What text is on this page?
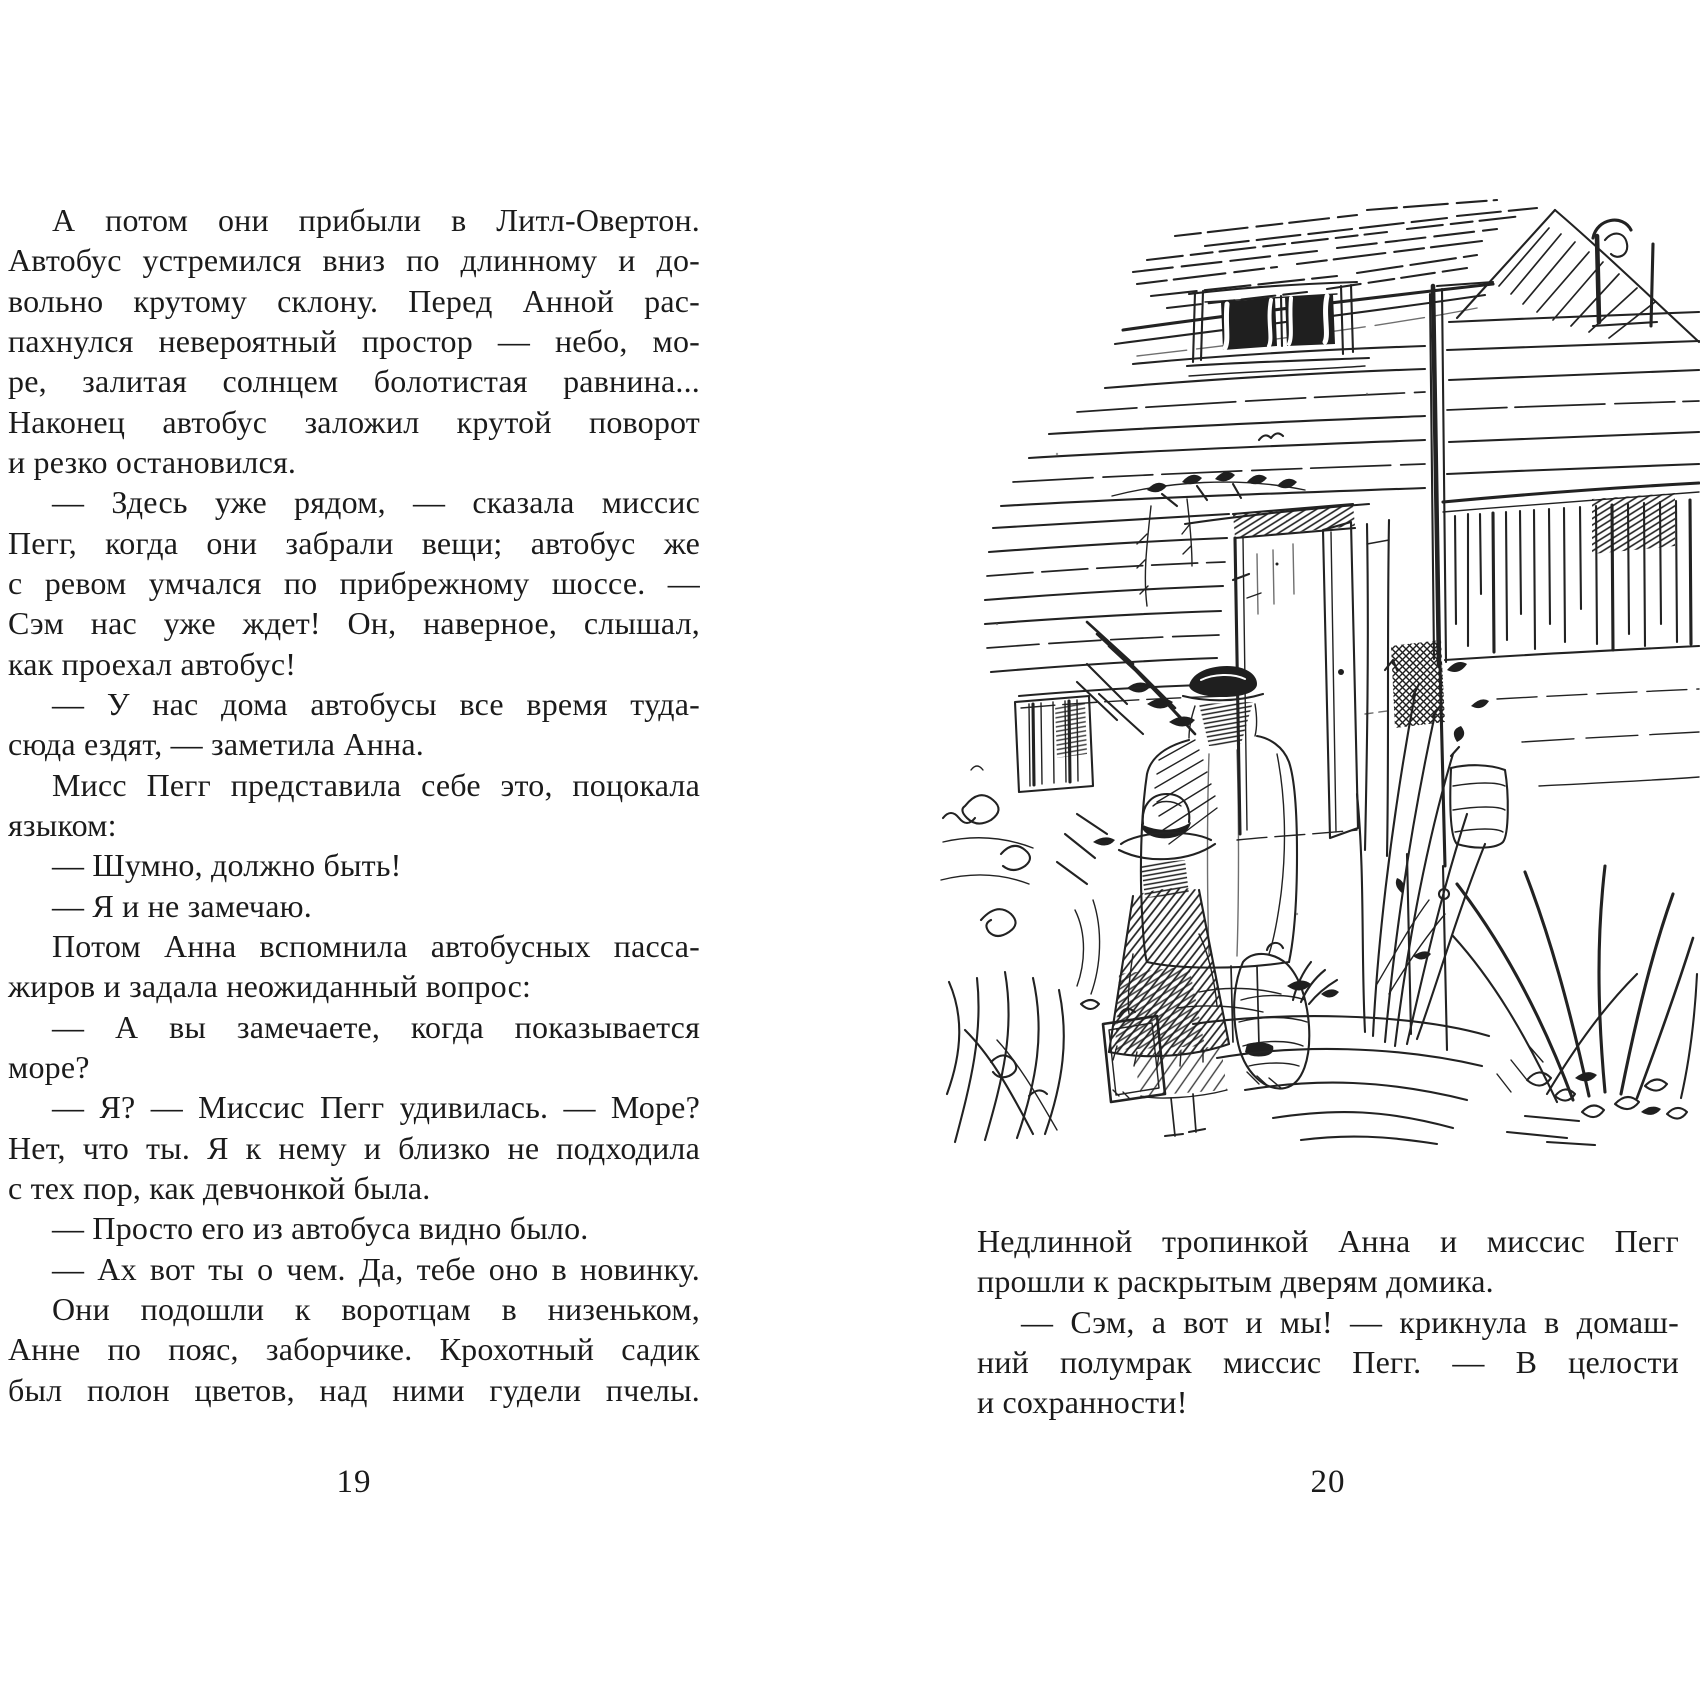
А потом они прибыли в Литл-Овертон.
Автобус устремился вниз по длинному и до-
вольно крутому склону. Перед Анной рас-
пахнулся невероятный простор — небо, мо-
ре, залитая солнцем болотистая равнина...
Наконец автобус заложил крутой поворот
и резко остановился.
— Здесь уже рядом, — сказала миссис
Пегг, когда они забрали вещи; автобус же
с ревом умчался по прибрежному шоссе. —
Сэм нас уже ждет! Он, наверное, слышал,
как проехал автобус!
— У нас дома автобусы все время туда-
сюда ездят, — заметила Анна.
Мисс Пегг представила себе это, поцокала
языком:
— Шумно, должно быть!
— Я и не замечаю.
Потом Анна вспомнила автобусных пасса-
жиров и задала неожиданный вопрос:
— А вы замечаете, когда показывается
море?
— Я? — Миссис Пегг удивилась. — Море?
Нет, что ты. Я к нему и близко не подходила
с тех пор, как девчонкой была.
— Просто его из автобуса видно было.
— Ах вот ты о чем. Да, тебе оно в новинку.
Они подошли к воротцам в низеньком,
Анне по пояс, заборчике. Крохотный садик
был полон цветов, над ними гудели пчелы.
19
Недлинной тропинкой Анна и миссис Пегг
прошли к раскрытым дверям домика.
— Сэм, а вот и мы! — крикнула в домаш-
ний полумрак миссис Пегг. — В целости
и сохранности!
20
